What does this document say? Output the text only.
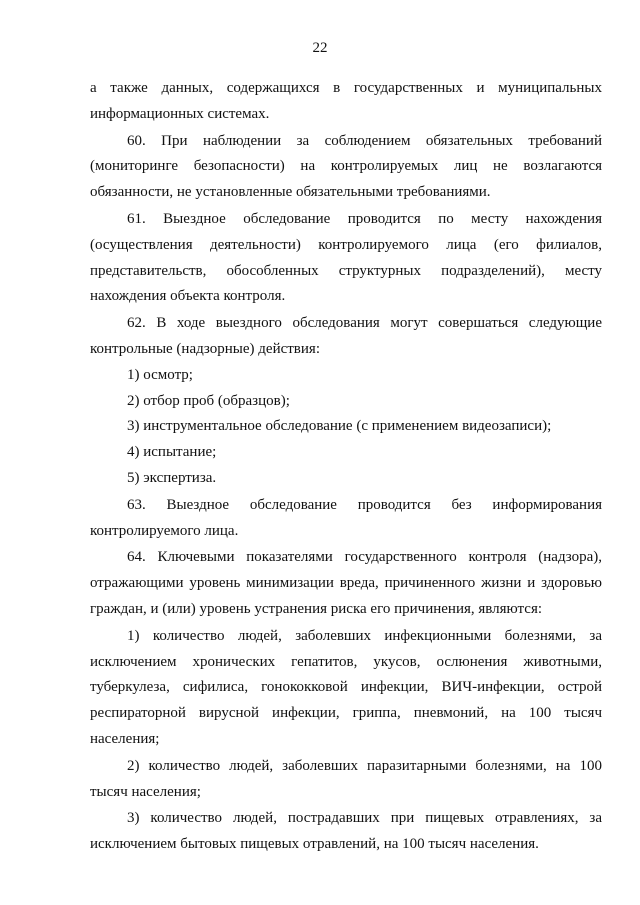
22

а также данных, содержащихся в государственных и муниципальных информационных системах.

60. При наблюдении за соблюдением обязательных требований (мониторинге безопасности) на контролируемых лиц не возлагаются обязанности, не установленные обязательными требованиями.

61. Выездное обследование проводится по месту нахождения (осуществления деятельности) контролируемого лица (его филиалов, представительств, обособленных структурных подразделений), месту нахождения объекта контроля.

62. В ходе выездного обследования могут совершаться следующие контрольные (надзорные) действия:

1) осмотр;

2) отбор проб (образцов);

3) инструментальное обследование (с применением видеозаписи);

4) испытание;

5) экспертиза.

63. Выездное обследование проводится без информирования контролируемого лица.

64. Ключевыми показателями государственного контроля (надзора), отражающими уровень минимизации вреда, причиненного жизни и здоровью граждан, и (или) уровень устранения риска его причинения, являются:

1) количество людей, заболевших инфекционными болезнями, за исключением хронических гепатитов, укусов, ослюнения животными, туберкулеза, сифилиса, гонококковой инфекции, ВИЧ-инфекции, острой респираторной вирусной инфекции, гриппа, пневмоний, на 100 тысяч населения;

2) количество людей, заболевших паразитарными болезнями, на 100 тысяч населения;

3) количество людей, пострадавших при пищевых отравлениях, за исключением бытовых пищевых отравлений, на 100 тысяч населения.
